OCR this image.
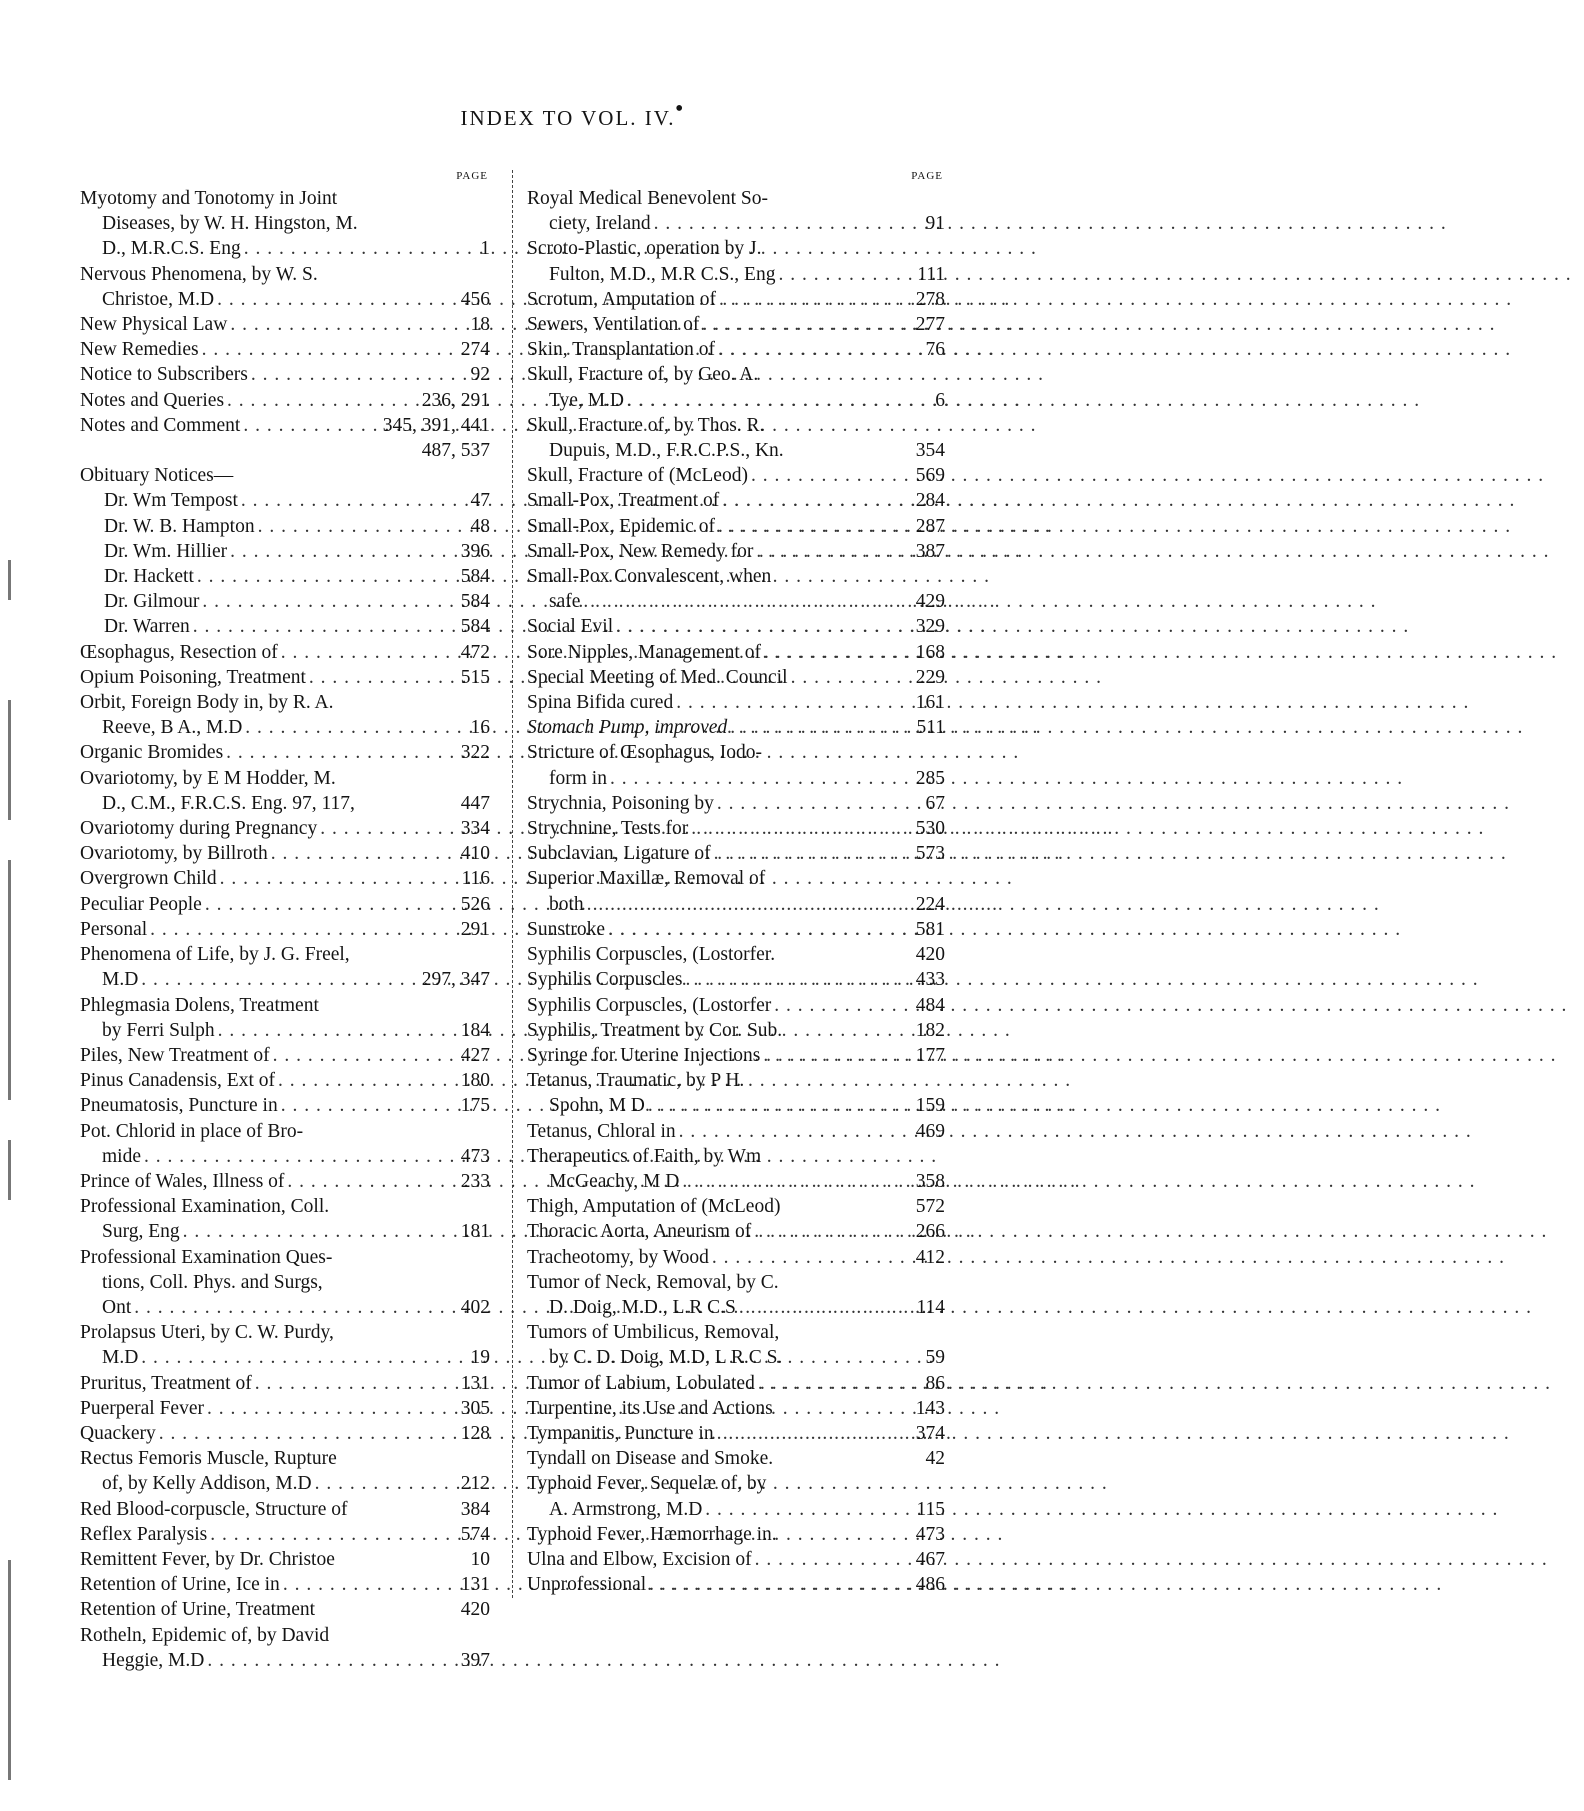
INDEX TO VOL. IV. •
PAGE
Myotomy and Tonotomy in Joint
Diseases, by W. H. Hingston, M.
D., M.R.C.S. Eng . . .	1
Nervous Phenomena, by W. S.
Christoe, M.D . . .	456
New Physical Law . . .	18
New Remedies . . .	274
Notice to Subscribers . . .	92
Notes and Queries . . .	236, 291
Notes and Comment . . .	345, 391, 441
487, 537
Obituary Notices—
Dr. Wm Tempost . . .	47
Dr. W. B. Hampton . . .	48
Dr. Wm. Hillier . . .	396
Dr. Hackett . . .	584
Dr. Gilmour . . .	584
Dr. Warren . . .	584
Œsophagus, Resection of . . .	472
Opium Poisoning, Treatment . . .	515
Orbit, Foreign Body in, by R. A.
Reeve, B A., M.D . . .	16
Organic Bromides . . .	322
Ovariotomy, by E M Hodder, M.
D., C.M., F.R.C.S. Eng. 97, 117,	447
Ovariotomy during Pregnancy . . .	334
Ovariotomy, by Billroth . . .	410
Overgrown Child . . .	116
Peculiar People . . .	526
Personal . . .	291
Phenomena of Life, by J. G. Freel,
M.D . . .	297, 347
Phlegmasia Dolens, Treatment
by Ferri Sulph . . .	184
Piles, New Treatment of . . .	427
Pinus Canadensis, Ext of . . .	180
Pneumatosis, Puncture in . . .	175
Pot. Chlorid in place of Bro-
mide . . .	473
Prince of Wales, Illness of . . .	233
Professional Examination, Coll.
Surg, Eng . . .	181
Professional Examination Ques-
tions, Coll. Phys. and Surgs,
Ont . . .	402
Prolapsus Uteri, by C. W. Purdy,
M.D . . .	19
Pruritus, Treatment of . . .	131
Puerperal Fever . . .	305
Quackery . . .	128
Rectus Femoris Muscle, Rupture
of, by Kelly Addison, M.D . . .	212
Red Blood-corpuscle, Structure of	384
Reflex Paralysis . . .	574
Remittent Fever, by Dr. Christoe	10
Retention of Urine, Ice in . . .	131
Retention of Urine, Treatment	420
Rotheln, Epidemic of, by David
Heggie, M.D . . .	397
PAGE
Royal Medical Benevolent So-
ciety, Ireland . . .	91
Scroto-Plastic, operation by J.
Fulton, M.D., M.R C.S., Eng . . .	111
Scrotum, Amputation of . . .	278
Sewers, Ventilation of . . .	277
Skin, Transplantation of . . .	76
Skull, Fracture of, by Geo. A.
Tye, M.D . . .	6
Skull, Fracture of, by Thos. R.
Dupuis, M.D., F.R.C.P.S., Kn.	354
Skull, Fracture of (McLeod) . . .	569
Small-Pox, Treatment of . . .	284
Small-Pox, Epidemic of . . .	287
Small-Pox, New Remedy for . . .	387
Small-Pox Convalescent, when
safe . . .	429
Social Evil . . .	329
Sore Nipples, Management of . . .	168
Special Meeting of Med. Council	229
Spina Bifida cured . . .	161
Stomach Pump, improved . . .	511
Stricture of Œsophagus, Iodo-
form in . . .	285
Strychnia, Poisoning by . . .	67
Strychnine, Tests for . . .	530
Subclavian, Ligature of . . .	573
Superior Maxillæ, Removal of
both . . .	224
Sunstroke . . .	581
Syphilis Corpuscles, (Lostorfer.	420
Syphilis Corpuscles . . .	433
Syphilis Corpuscles, (Lostorfer . . .	484
Syphilis, Treatment by Cor. Sub.	182
Syringe for Uterine Injections . . .	177
Tetanus, Traumatic, by P H.
Spohn, M D . . .	159
Tetanus, Chloral in . . .	469
Therapeutics of Faith, by Wm
McGeachy, M D . . .	358
Thigh, Amputation of (McLeod)	572
Thoracic Aorta, Aneurism of . . .	266
Tracheotomy, by Wood . . .	412
Tumor of Neck, Removal, by C.
D. Doig, M.D., L.R C.S . . .	114
Tumors of Umbilicus, Removal,
by C. D. Doig, M.D, L R.C S.	59
Tumor of Labium, Lobulated . . .	86
Turpentine, its Use and Actions	143
Tympanitis, Puncture in . . .	374
Tyndall on Disease and Smoke.	42
Typhoid Fever, Sequelæ of, by
A. Armstrong, M.D . . .	115
Typhoid Fever, Hæmorrhage in.	473
Ulna and Elbow, Excision of . . .	467
Unprofessional . . .	486
